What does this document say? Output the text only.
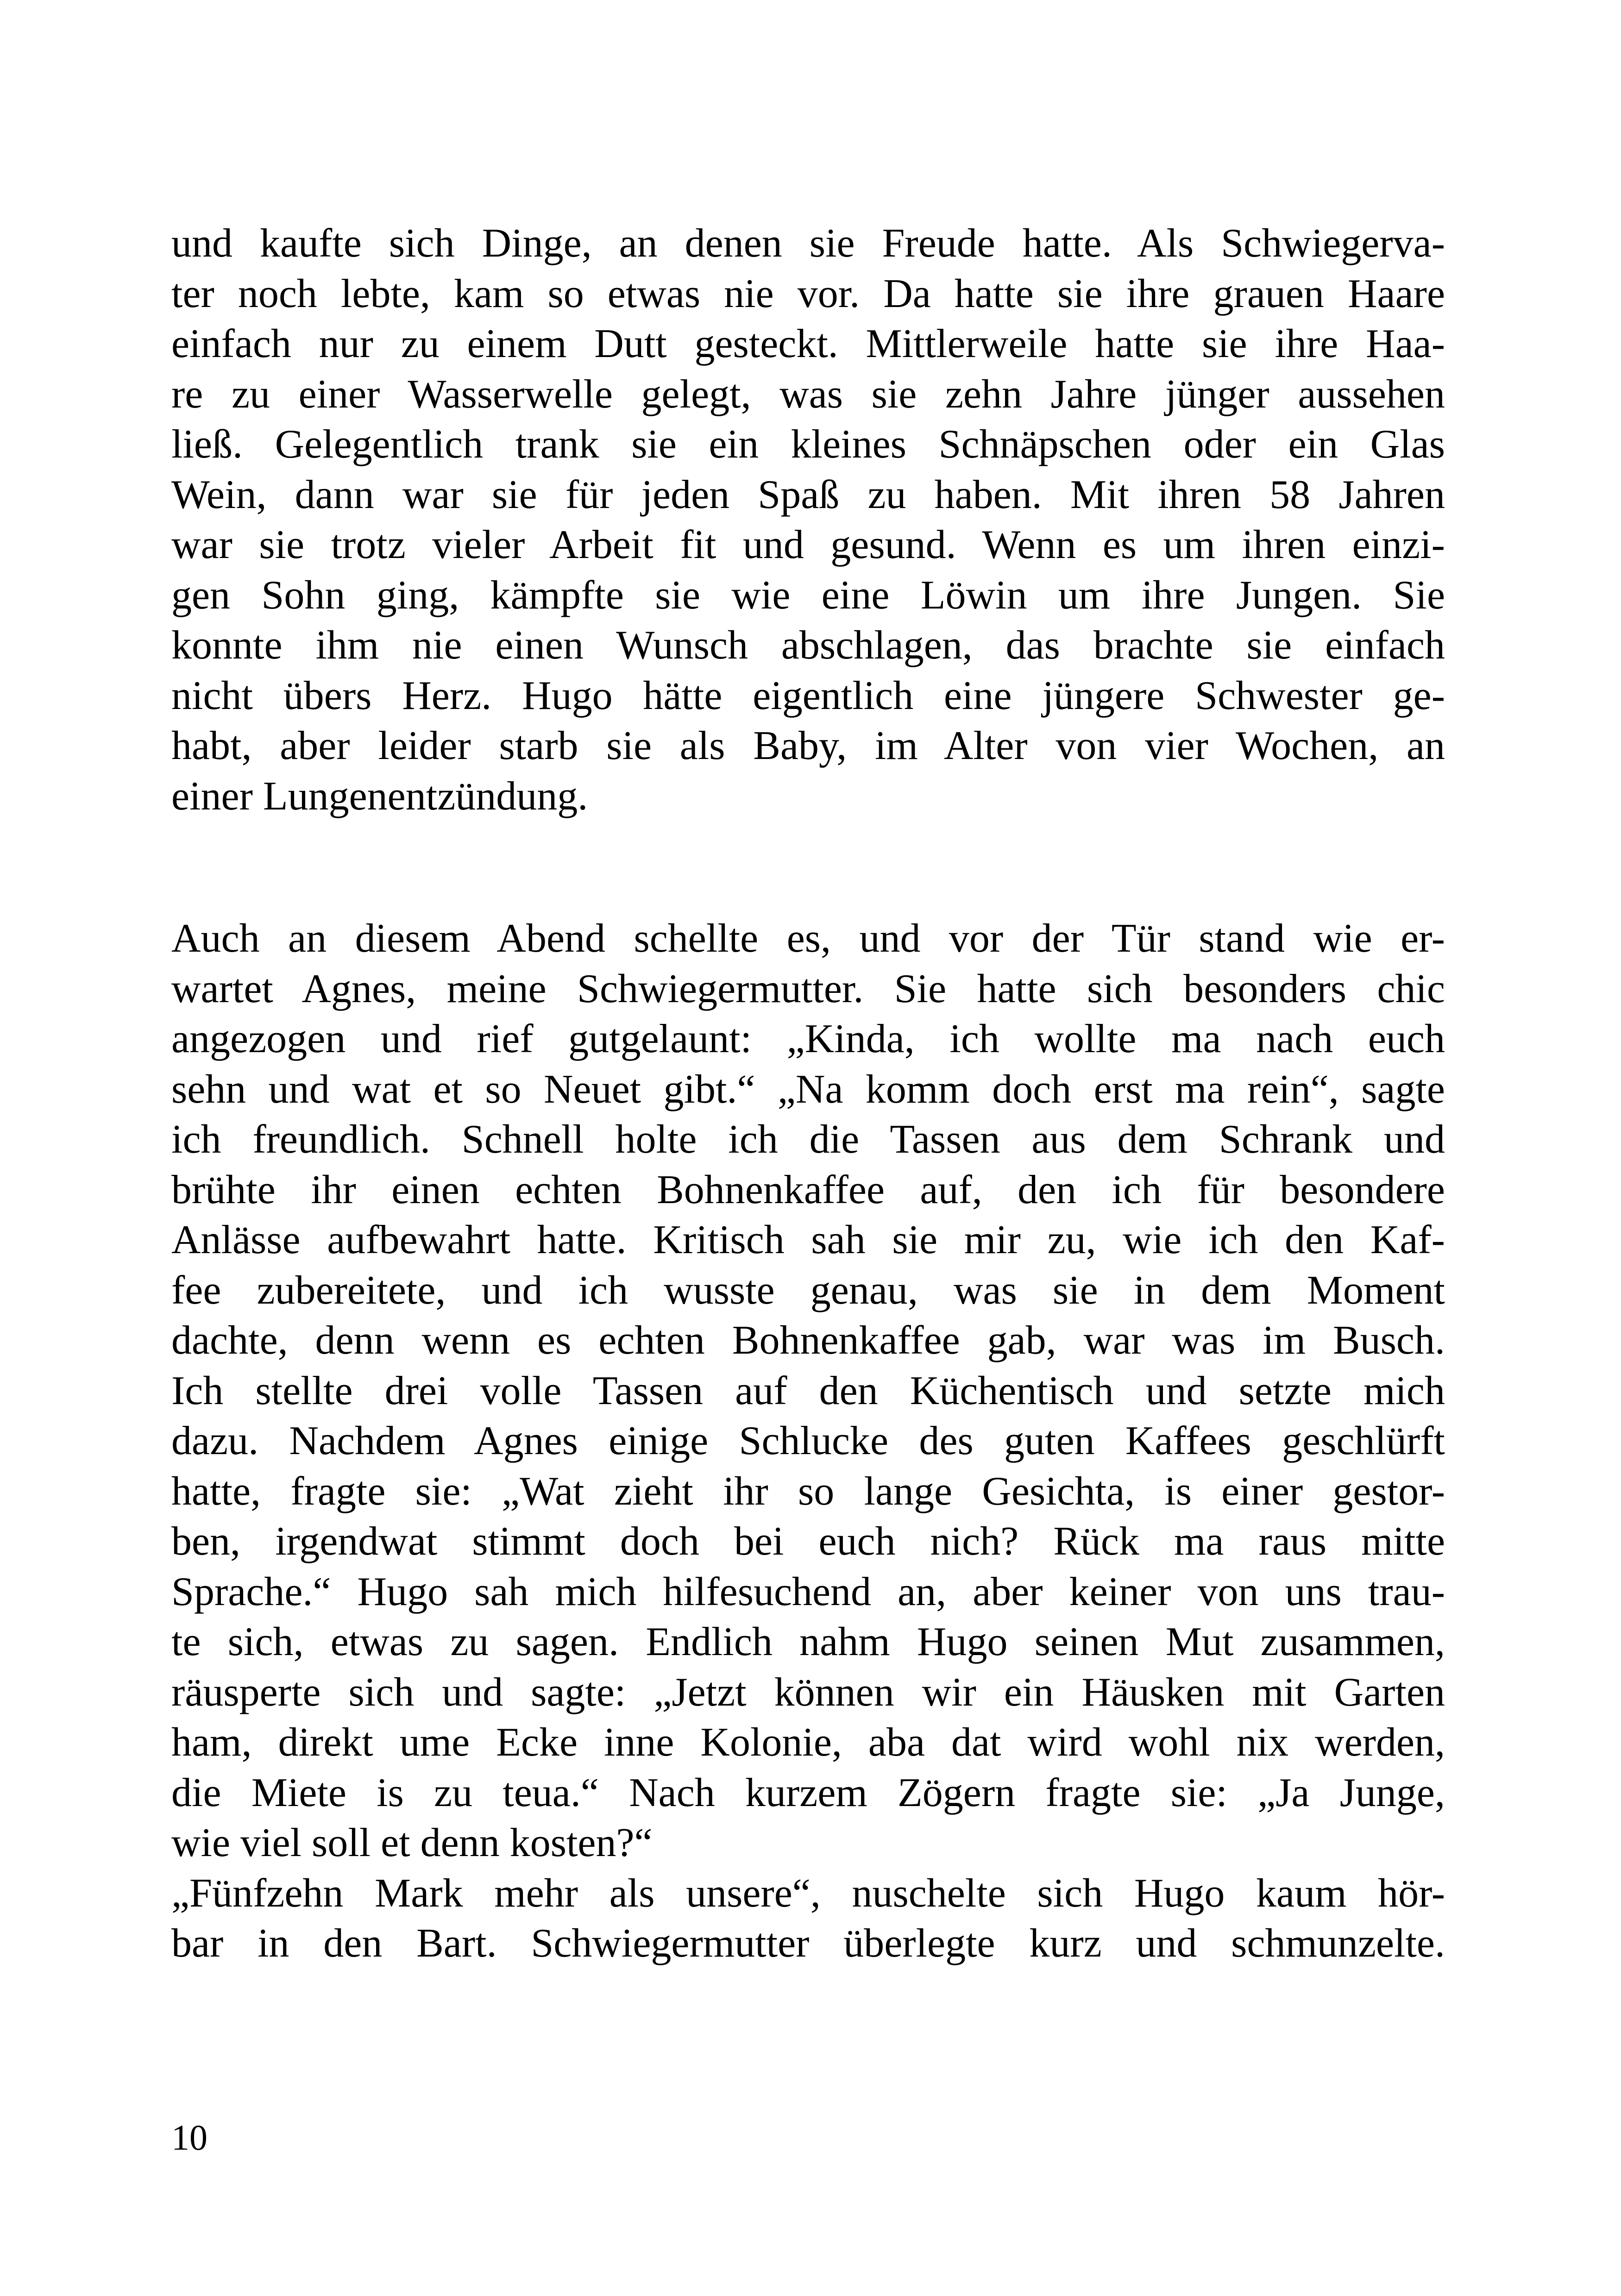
und kaufte sich Dinge, an denen sie Freude hatte. Als Schwiegerva-
ter noch lebte, kam so etwas nie vor. Da hatte sie ihre grauen Haare
einfach nur zu einem Dutt gesteckt. Mittlerweile hatte sie ihre Haa-
re zu einer Wasserwelle gelegt, was sie zehn Jahre jünger aussehen
ließ. Gelegentlich trank sie ein kleines Schnäpschen oder ein Glas
Wein, dann war sie für jeden Spaß zu haben. Mit ihren 58 Jahren
war sie trotz vieler Arbeit fit und gesund. Wenn es um ihren einzi-
gen Sohn ging, kämpfte sie wie eine Löwin um ihre Jungen. Sie
konnte ihm nie einen Wunsch abschlagen, das brachte sie einfach
nicht übers Herz. Hugo hätte eigentlich eine jüngere Schwester ge-
habt, aber leider starb sie als Baby, im Alter von vier Wochen, an
einer Lungenentzündung.
Auch an diesem Abend schellte es, und vor der Tür stand wie er-
wartet Agnes, meine Schwiegermutter. Sie hatte sich besonders chic
angezogen und rief gutgelaunt: „Kinda, ich wollte ma nach euch
sehn und wat et so Neuet gibt.“ „Na komm doch erst ma rein“, sagte
ich freundlich. Schnell holte ich die Tassen aus dem Schrank und
brühte ihr einen echten Bohnenkaffee auf, den ich für besondere
Anlässe aufbewahrt hatte. Kritisch sah sie mir zu, wie ich den Kaf-
fee zubereitete, und ich wusste genau, was sie in dem Moment
dachte, denn wenn es echten Bohnenkaffee gab, war was im Busch.
Ich stellte drei volle Tassen auf den Küchentisch und setzte mich
dazu. Nachdem Agnes einige Schlucke des guten Kaffees geschlürft
hatte, fragte sie: „Wat zieht ihr so lange Gesichta, is einer gestor-
ben, irgendwat stimmt doch bei euch nich? Rück ma raus mitte
Sprache.“ Hugo sah mich hilfesuchend an, aber keiner von uns trau-
te sich, etwas zu sagen. Endlich nahm Hugo seinen Mut zusammen,
räusperte sich und sagte: „Jetzt können wir ein Häusken mit Garten
ham, direkt ume Ecke inne Kolonie, aba dat wird wohl nix werden,
die Miete is zu teua.“ Nach kurzem Zögern fragte sie: „Ja Junge,
wie viel soll et denn kosten?“
„Fünfzehn Mark mehr als unsere“, nuschelte sich Hugo kaum hör-
bar in den Bart. Schwiegermutter überlegte kurz und schmunzelte.
10
